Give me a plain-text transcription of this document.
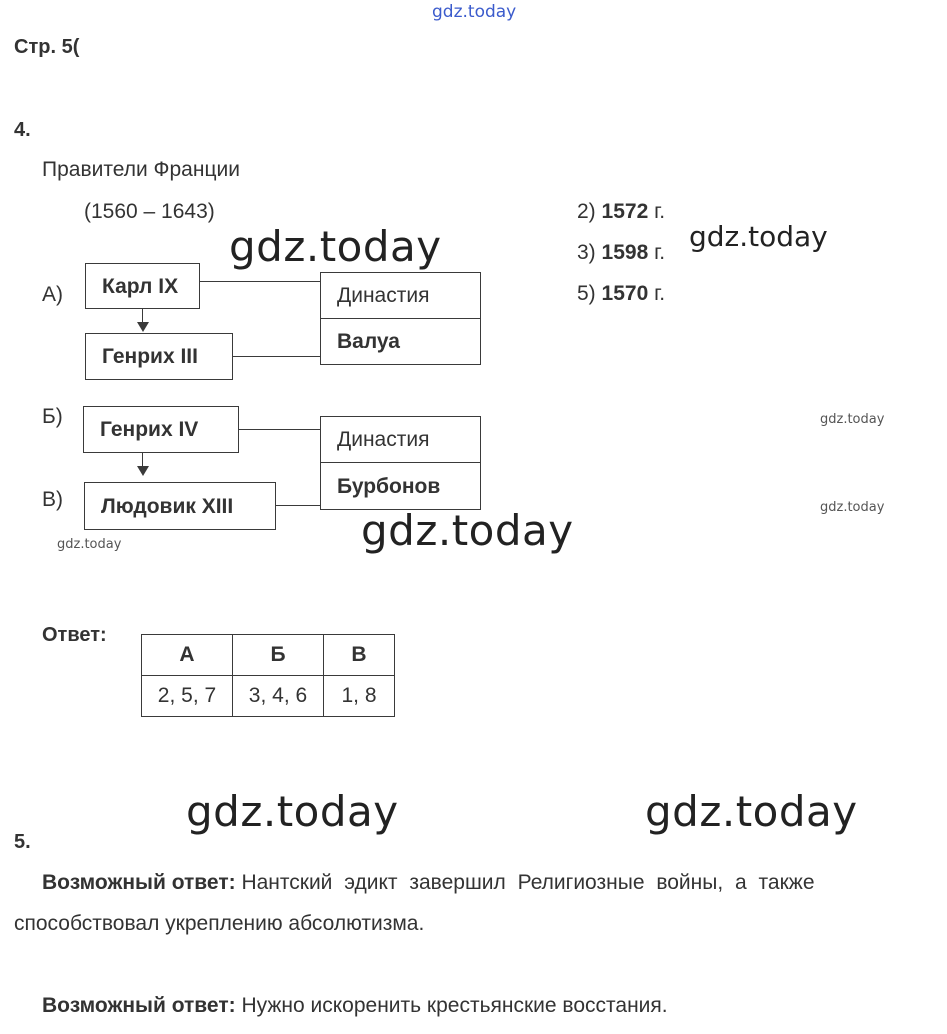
gdz.today
Стр. 5(
4.
Правители Франции
(1560 – 1643)	2) 1572 г.
3) 1598 г.
5) 1570 г.
А)
Б)
В)
Карл IX
Генрих III
Генрих IV
Людовик XIII
Династия
Валуа
Династия
Бурбонов
Ответ:
А	Б	В
2, 5, 7	3, 4, 6	1, 8
5.
Возможный ответ: Нантский эдикт завершил Религиозные войны, а также
способствовал укреплению абсолютизма.
Возможный ответ: Нужно искоренить крестьянские восстания.
gdz.today	gdz.today
gdz.today
gdz.today
gdz.today
gdz.today
gdz.today	gdz.today
